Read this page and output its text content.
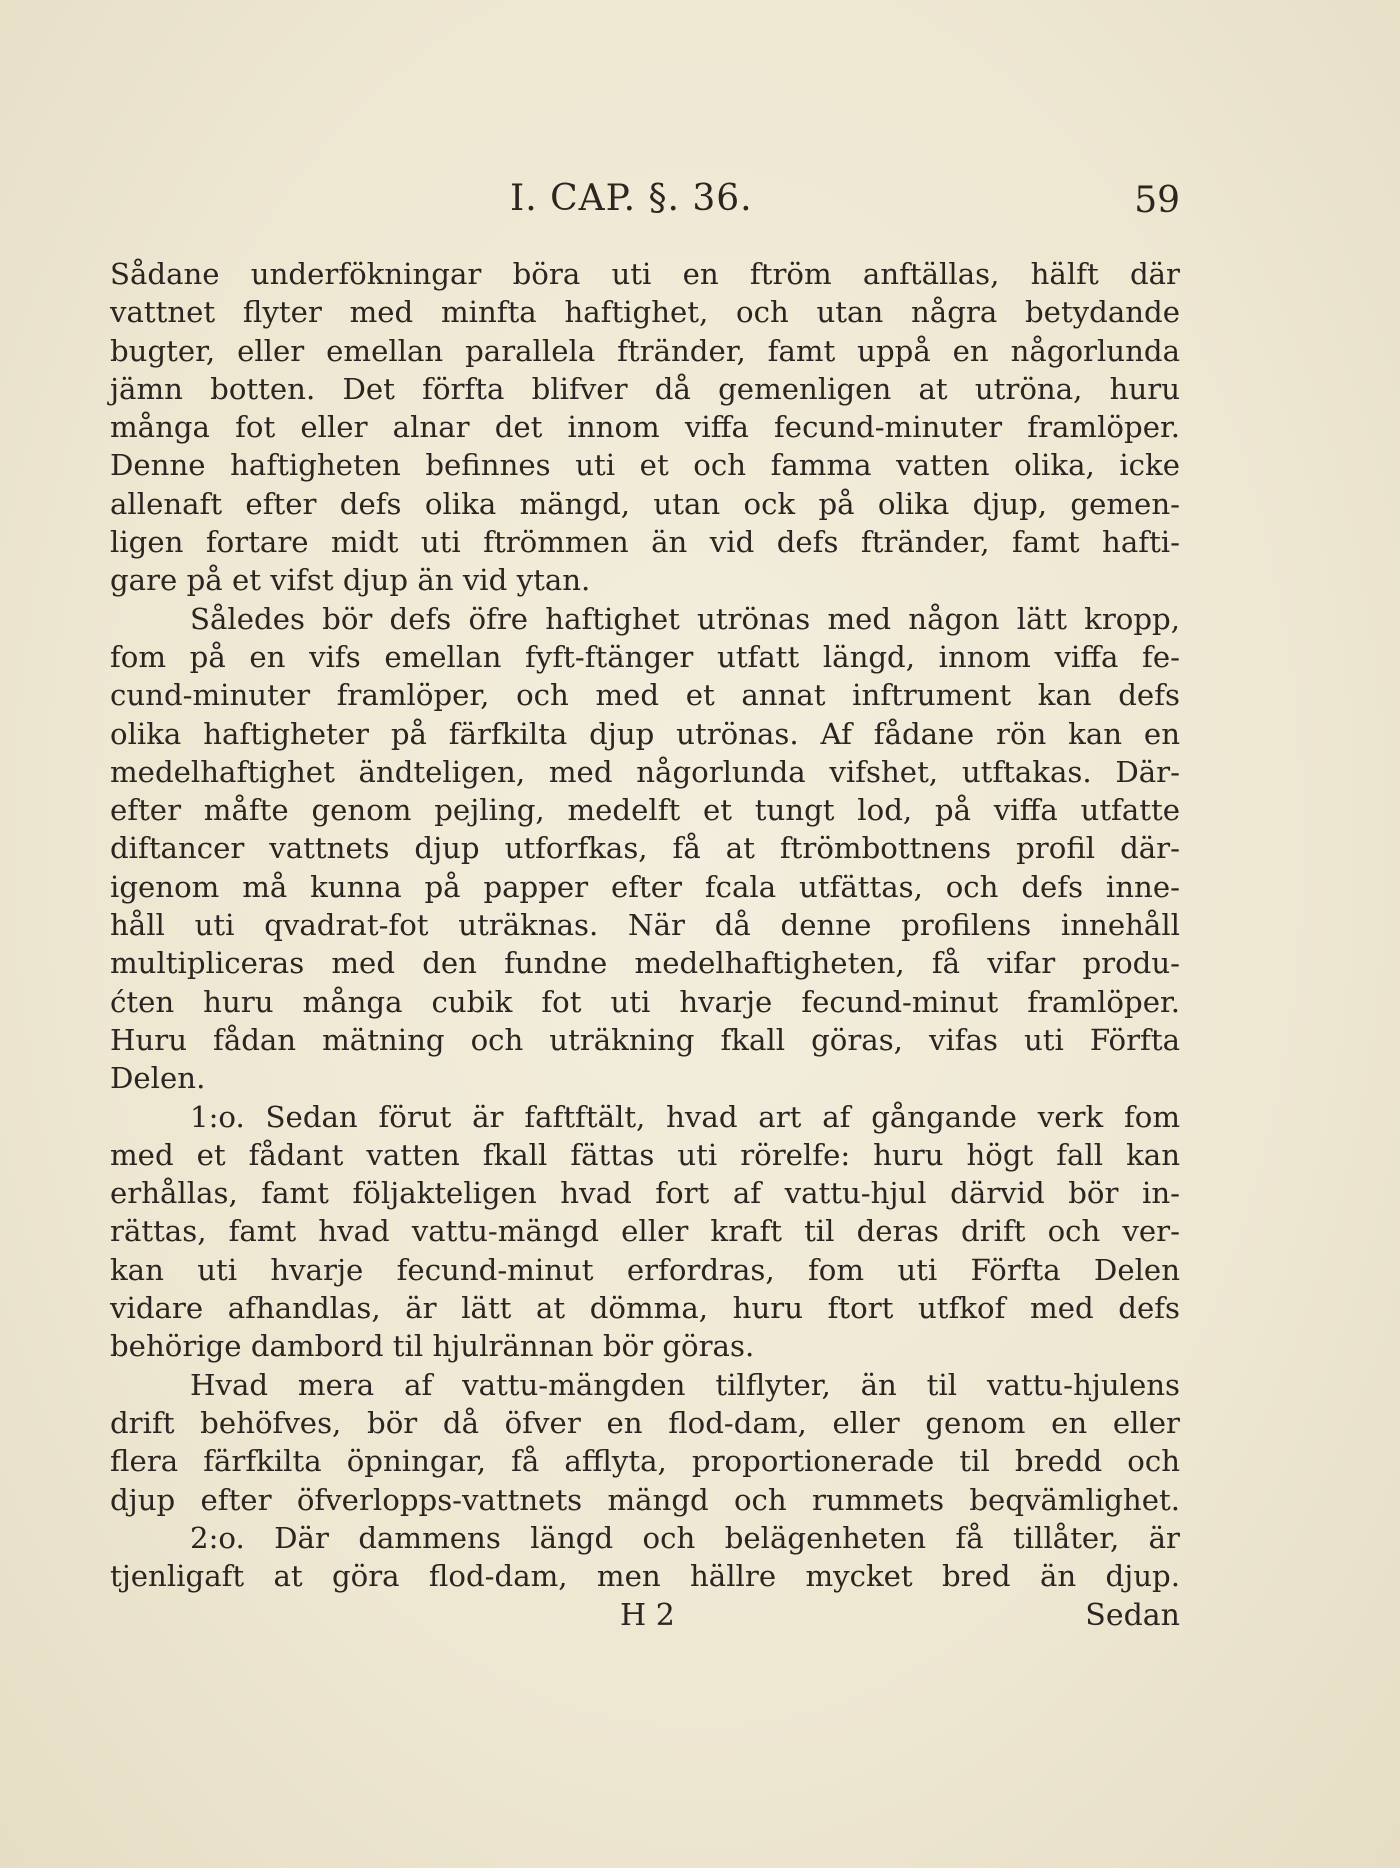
I. CAP. §. 36.	59
Sådane underfökningar böra uti en ftröm anftällas, hälft där
vattnet flyter med minfta haftighet, och utan några betydande
bugter, eller emellan parallela ftränder, famt uppå en någorlunda
jämn botten. Det förfta blifver då gemenligen at utröna, huru
många fot eller alnar det innom viffa fecund-minuter framlöper.
Denne haftigheten befinnes uti et och famma vatten olika, icke
allenaft efter defs olika mängd, utan ock på olika djup, gemen-
ligen fortare midt uti ftrömmen än vid defs ftränder, famt hafti-
gare på et vifst djup än vid ytan.
Således bör defs öfre haftighet utrönas med någon lätt kropp,
fom på en vifs emellan fyft-ftänger utfatt längd, innom viffa fe-
cund-minuter framlöper, och med et annat inftrument kan defs
olika haftigheter på färfkilta djup utrönas. Af fådane rön kan en
medelhaftighet ändteligen, med någorlunda vifshet, utftakas. Där-
efter måfte genom pejling, medelft et tungt lod, på viffa utfatte
diftancer vattnets djup utforfkas, få at ftrömbottnens profil där-
igenom må kunna på papper efter fcala utfättas, och defs inne-
håll uti qvadrat-fot uträknas. När då denne profilens innehåll
multipliceras med den fundne medelhaftigheten, få vifar produ-
ćten huru många cubik fot uti hvarje fecund-minut framlöper.
Huru fådan mätning och uträkning fkall göras, vifas uti Förfta
Delen.
1:o. Sedan förut är faftftält, hvad art af gångande verk fom
med et fådant vatten fkall fättas uti rörelfe: huru högt fall kan
erhållas, famt följakteligen hvad fort af vattu-hjul därvid bör in-
rättas, famt hvad vattu-mängd eller kraft til deras drift och ver-
kan uti hvarje fecund-minut erfordras, fom uti Förfta Delen
vidare afhandlas, är lätt at dömma, huru ftort utfkof med defs
behörige dambord til hjulrännan bör göras.
Hvad mera af vattu-mängden tilflyter, än til vattu-hjulens
drift behöfves, bör då öfver en flod-dam, eller genom en eller
flera färfkilta öpningar, få afflyta, proportionerade til bredd och
djup efter öfverlopps-vattnets mängd och rummets beqvämlighet.
2:o. Där dammens längd och belägenheten få tillåter, är
tjenligaft at göra flod-dam, men hällre mycket bred än djup.
H 2	Sedan
